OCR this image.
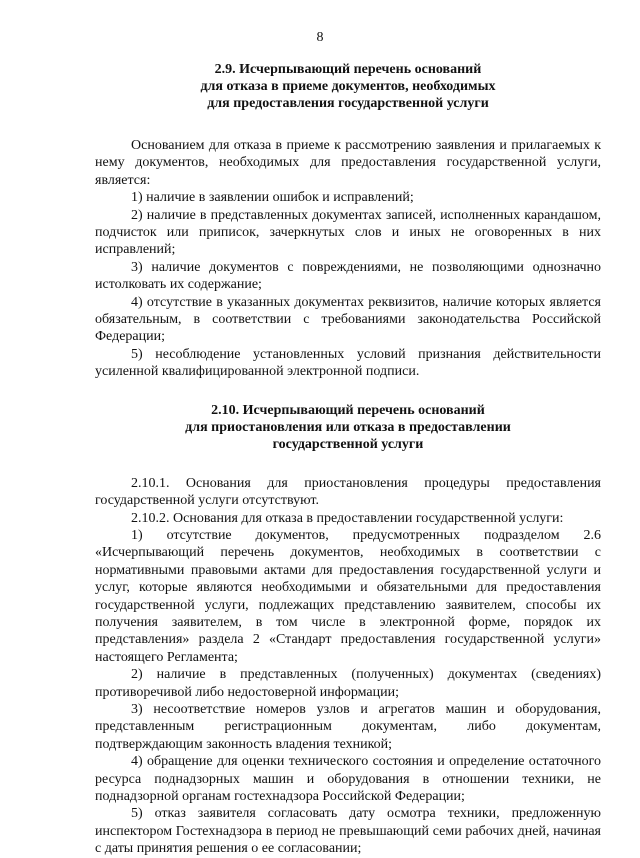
8
2.9. Исчерпывающий перечень оснований
для отказа в приеме документов, необходимых
для предоставления государственной услуги

Основанием для отказа в приеме к рассмотрению заявления и прилагаемых к нему документов, необходимых для предоставления государственной услуги, является:

1) наличие в заявлении ошибок и исправлений;

2) наличие в представленных документах записей, исполненных карандашом, подчисток или приписок, зачеркнутых слов и иных не оговоренных в них исправлений;

3) наличие документов с повреждениями, не позволяющими однозначно истолковать их содержание;

4) отсутствие в указанных документах реквизитов, наличие которых является обязательным, в соответствии с требованиями законодательства Российской Федерации;

5) несоблюдение установленных условий признания действительности усиленной квалифицированной электронной подписи.

2.10. Исчерпывающий перечень оснований
для приостановления или отказа в предоставлении
государственной услуги

2.10.1. Основания для приостановления процедуры предоставления государственной услуги отсутствуют.

2.10.2. Основания для отказа в предоставлении государственной услуги:

1) отсутствие документов, предусмотренных подразделом 2.6 «Исчерпывающий перечень документов, необходимых в соответствии с нормативными правовыми актами для предоставления государственной услуги и услуг, которые являются необходимыми и обязательными для предоставления государственной услуги, подлежащих представлению заявителем, способы их получения заявителем, в том числе в электронной форме, порядок их представления» раздела 2 «Стандарт предоставления государственной услуги» настоящего Регламента;

2) наличие в представленных (полученных) документах (сведениях) противоречивой либо недостоверной информации;

3) несоответствие номеров узлов и агрегатов машин и оборудования, представленным регистрационным документам, либо документам, подтверждающим законность владения техникой;

4) обращение для оценки технического состояния и определение остаточного ресурса поднадзорных машин и оборудования в отношении техники, не поднадзорной органам гостехнадзора Российской Федерации;

5) отказ заявителя согласовать дату осмотра техники, предложенную инспектором Гостехнадзора в период не превышающий семи рабочих дней, начиная с даты принятия решения о ее согласовании;
